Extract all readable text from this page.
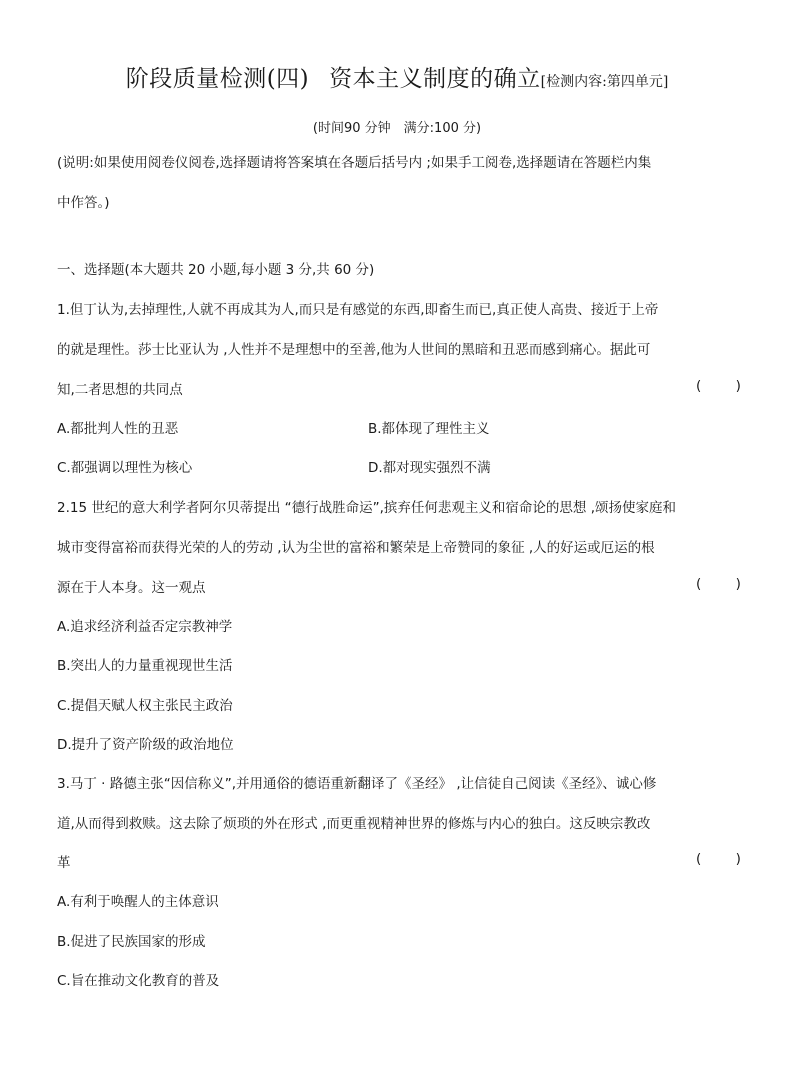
阶段质量检测(四) 资本主义制度的确立[检测内容:第四单元]
(时间90 分钟　满分:100 分)
(说明:如果使用阅卷仪阅卷,选择题请将答案填在各题后括号内 ;如果手工阅卷,选择题请在答题栏内集
中作答。)
一、选择题(本大题共 20 小题,每小题 3 分,共 60 分)
1.但丁认为,去掉理性,人就不再成其为人,而只是有感觉的东西,即畜生而已,真正使人高贵、接近于上帝
的就是理性。莎士比亚认为 ,人性并不是理想中的至善,他为人世间的黑暗和丑恶而感到痛心。据此可
知,二者思想的共同点	(        )
A.都批判人性的丑恶	B.都体现了理性主义
C.都强调以理性为核心	D.都对现实强烈不满
2.15 世纪的意大利学者阿尔贝蒂提出 “德行战胜命运”,摈弃任何悲观主义和宿命论的思想 ,颂扬使家庭和
城市变得富裕而获得光荣的人的劳动 ,认为尘世的富裕和繁荣是上帝赞同的象征 ,人的好运或厄运的根
源在于人本身。这一观点	(        )
A.追求经济利益否定宗教神学
B.突出人的力量重视现世生活
C.提倡天赋人权主张民主政治
D.提升了资产阶级的政治地位
3.马丁 · 路德主张“因信称义”,并用通俗的德语重新翻译了《圣经》 ,让信徒自己阅读《圣经》、诚心修
道,从而得到救赎。这去除了烦琐的外在形式 ,而更重视精神世界的修炼与内心的独白。这反映宗教改
革	(        )
A.有利于唤醒人的主体意识
B.促进了民族国家的形成
C.旨在推动文化教育的普及
